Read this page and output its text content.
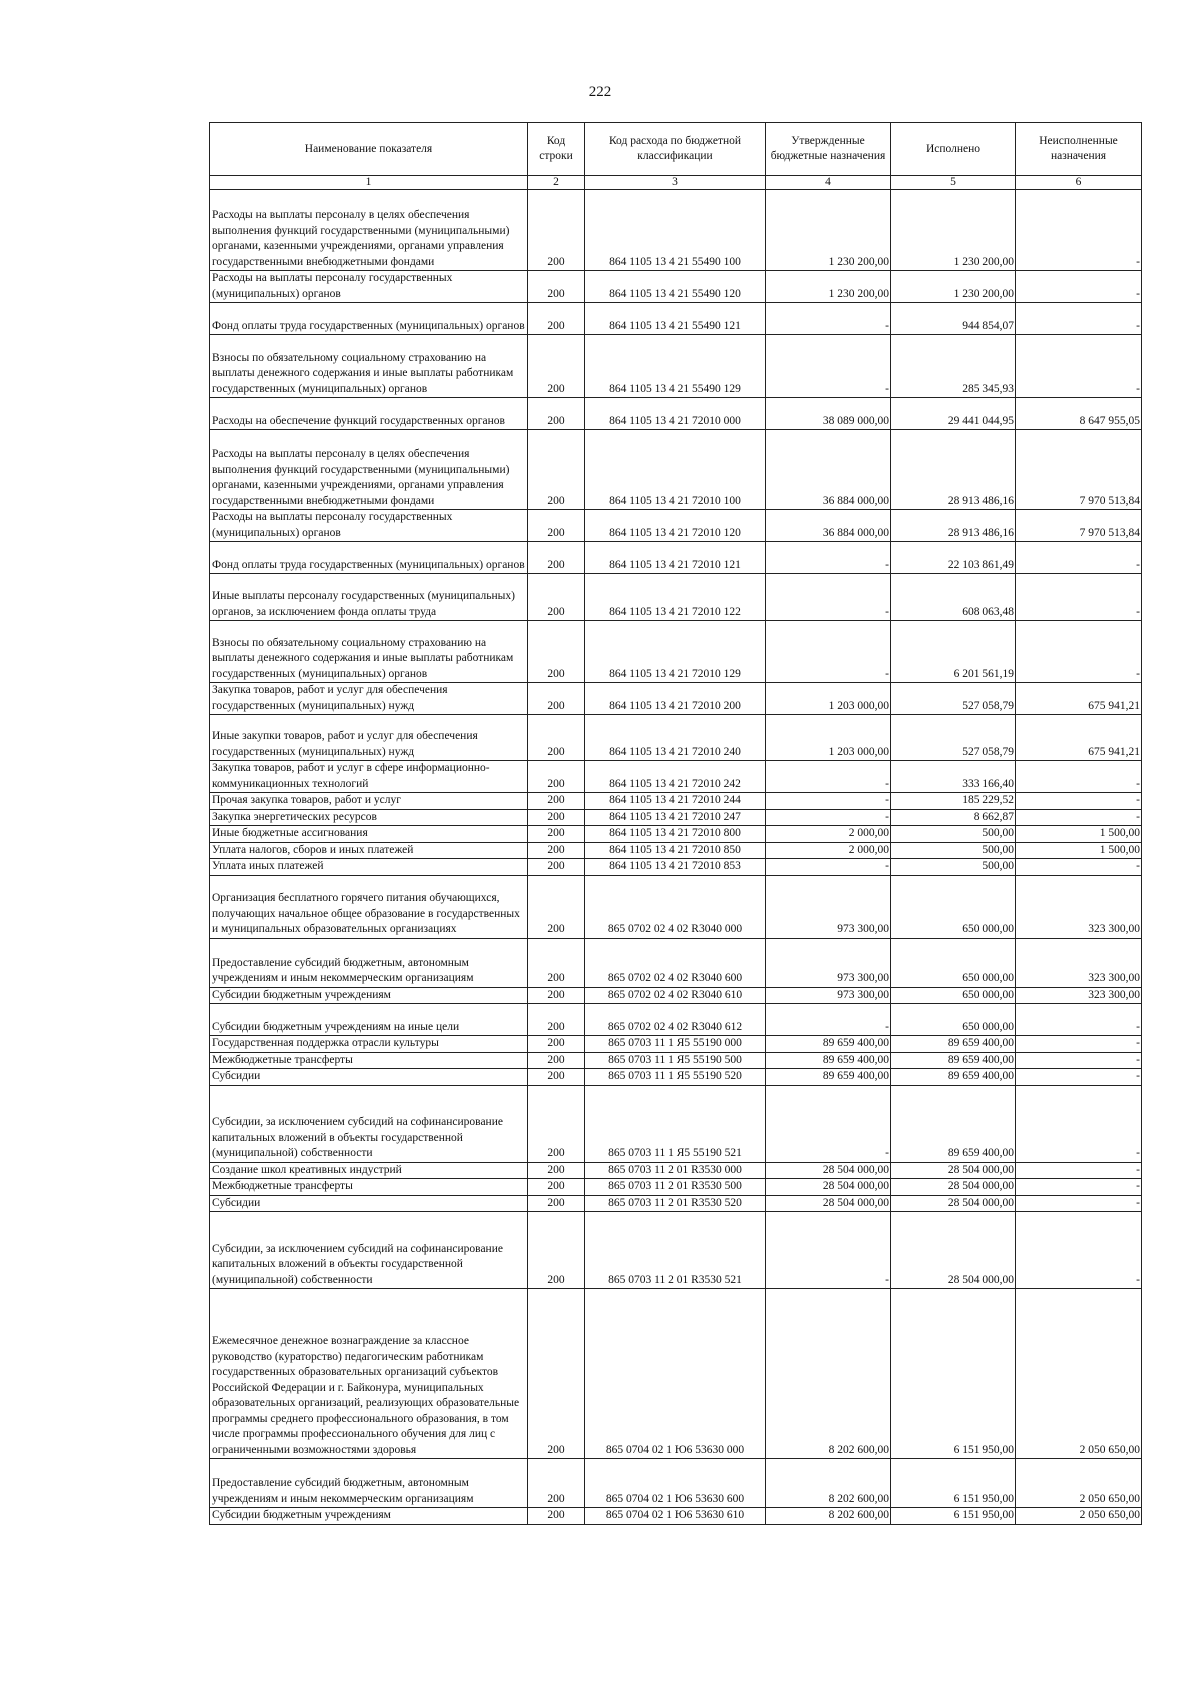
222
Наименование показателя	Код строки	Код расхода по бюджетной классификации	Утвержденные бюджетные назначения	Исполнено	Неисполненные назначения
1	2	3	4	5	6
Расходы на выплаты персоналу в целях обеспечения выполнения функций государственными (муниципальными) органами, казенными учреждениями, органами управления государственными внебюджетными фондами	200	864 1105 13 4 21 55490 100	1 230 200,00	1 230 200,00	-
Расходы на выплаты персоналу государственных (муниципальных) органов	200	864 1105 13 4 21 55490 120	1 230 200,00	1 230 200,00	-
Фонд оплаты труда государственных (муниципальных) органов	200	864 1105 13 4 21 55490 121	-	944 854,07	-
Взносы по обязательному социальному страхованию на выплаты денежного содержания и иные выплаты работникам государственных (муниципальных) органов	200	864 1105 13 4 21 55490 129	-	285 345,93	-
Расходы на обеспечение функций государственных органов	200	864 1105 13 4 21 72010 000	38 089 000,00	29 441 044,95	8 647 955,05
Расходы на выплаты персоналу в целях обеспечения выполнения функций государственными (муниципальными) органами, казенными учреждениями, органами управления государственными внебюджетными фондами	200	864 1105 13 4 21 72010 100	36 884 000,00	28 913 486,16	7 970 513,84
Расходы на выплаты персоналу государственных (муниципальных) органов	200	864 1105 13 4 21 72010 120	36 884 000,00	28 913 486,16	7 970 513,84
Фонд оплаты труда государственных (муниципальных) органов	200	864 1105 13 4 21 72010 121	-	22 103 861,49	-
Иные выплаты персоналу государственных (муниципальных) органов, за исключением фонда оплаты труда	200	864 1105 13 4 21 72010 122	-	608 063,48	-
Взносы по обязательному социальному страхованию на выплаты денежного содержания и иные выплаты работникам государственных (муниципальных) органов	200	864 1105 13 4 21 72010 129	-	6 201 561,19	-
Закупка товаров, работ и услуг для обеспечения государственных (муниципальных) нужд	200	864 1105 13 4 21 72010 200	1 203 000,00	527 058,79	675 941,21
Иные закупки товаров, работ и услуг для обеспечения государственных (муниципальных) нужд	200	864 1105 13 4 21 72010 240	1 203 000,00	527 058,79	675 941,21
Закупка товаров, работ и услуг в сфере информационно-коммуникационных технологий	200	864 1105 13 4 21 72010 242	-	333 166,40	-
Прочая закупка товаров, работ и услуг	200	864 1105 13 4 21 72010 244	-	185 229,52	-
Закупка энергетических ресурсов	200	864 1105 13 4 21 72010 247	-	8 662,87	-
Иные бюджетные ассигнования	200	864 1105 13 4 21 72010 800	2 000,00	500,00	1 500,00
Уплата налогов, сборов и иных платежей	200	864 1105 13 4 21 72010 850	2 000,00	500,00	1 500,00
Уплата иных платежей	200	864 1105 13 4 21 72010 853	-	500,00	-
Организация бесплатного горячего питания обучающихся, получающих начальное общее образование в государственных и муниципальных образовательных организациях	200	865 0702 02 4 02 R3040 000	973 300,00	650 000,00	323 300,00
Предоставление субсидий бюджетным, автономным учреждениям и иным некоммерческим организациям	200	865 0702 02 4 02 R3040 600	973 300,00	650 000,00	323 300,00
Субсидии бюджетным учреждениям	200	865 0702 02 4 02 R3040 610	973 300,00	650 000,00	323 300,00
Субсидии бюджетным учреждениям на иные цели	200	865 0702 02 4 02 R3040 612	-	650 000,00	-
Государственная поддержка отрасли культуры	200	865 0703 11 1 Я5 55190 000	89 659 400,00	89 659 400,00	-
Межбюджетные трансферты	200	865 0703 11 1 Я5 55190 500	89 659 400,00	89 659 400,00	-
Субсидии	200	865 0703 11 1 Я5 55190 520	89 659 400,00	89 659 400,00	-
Субсидии, за исключением субсидий на софинансирование капитальных вложений в объекты государственной (муниципальной) собственности	200	865 0703 11 1 Я5 55190 521	-	89 659 400,00	-
Создание школ креативных индустрий	200	865 0703 11 2 01 R3530 000	28 504 000,00	28 504 000,00	-
Межбюджетные трансферты	200	865 0703 11 2 01 R3530 500	28 504 000,00	28 504 000,00	-
Субсидии	200	865 0703 11 2 01 R3530 520	28 504 000,00	28 504 000,00	-
Субсидии, за исключением субсидий на софинансирование капитальных вложений в объекты государственной (муниципальной) собственности	200	865 0703 11 2 01 R3530 521	-	28 504 000,00	-
Ежемесячное денежное вознаграждение за классное руководство (кураторство) педагогическим работникам государственных образовательных организаций субъектов Российской Федерации и г. Байконура, муниципальных образовательных организаций, реализующих образовательные программы среднего профессионального образования, в том числе программы профессионального обучения для лиц с ограниченными возможностями здоровья	200	865 0704 02 1 Ю6 53630 000	8 202 600,00	6 151 950,00	2 050 650,00
Предоставление субсидий бюджетным, автономным учреждениям и иным некоммерческим организациям	200	865 0704 02 1 Ю6 53630 600	8 202 600,00	6 151 950,00	2 050 650,00
Субсидии бюджетным учреждениям	200	865 0704 02 1 Ю6 53630 610	8 202 600,00	6 151 950,00	2 050 650,00
